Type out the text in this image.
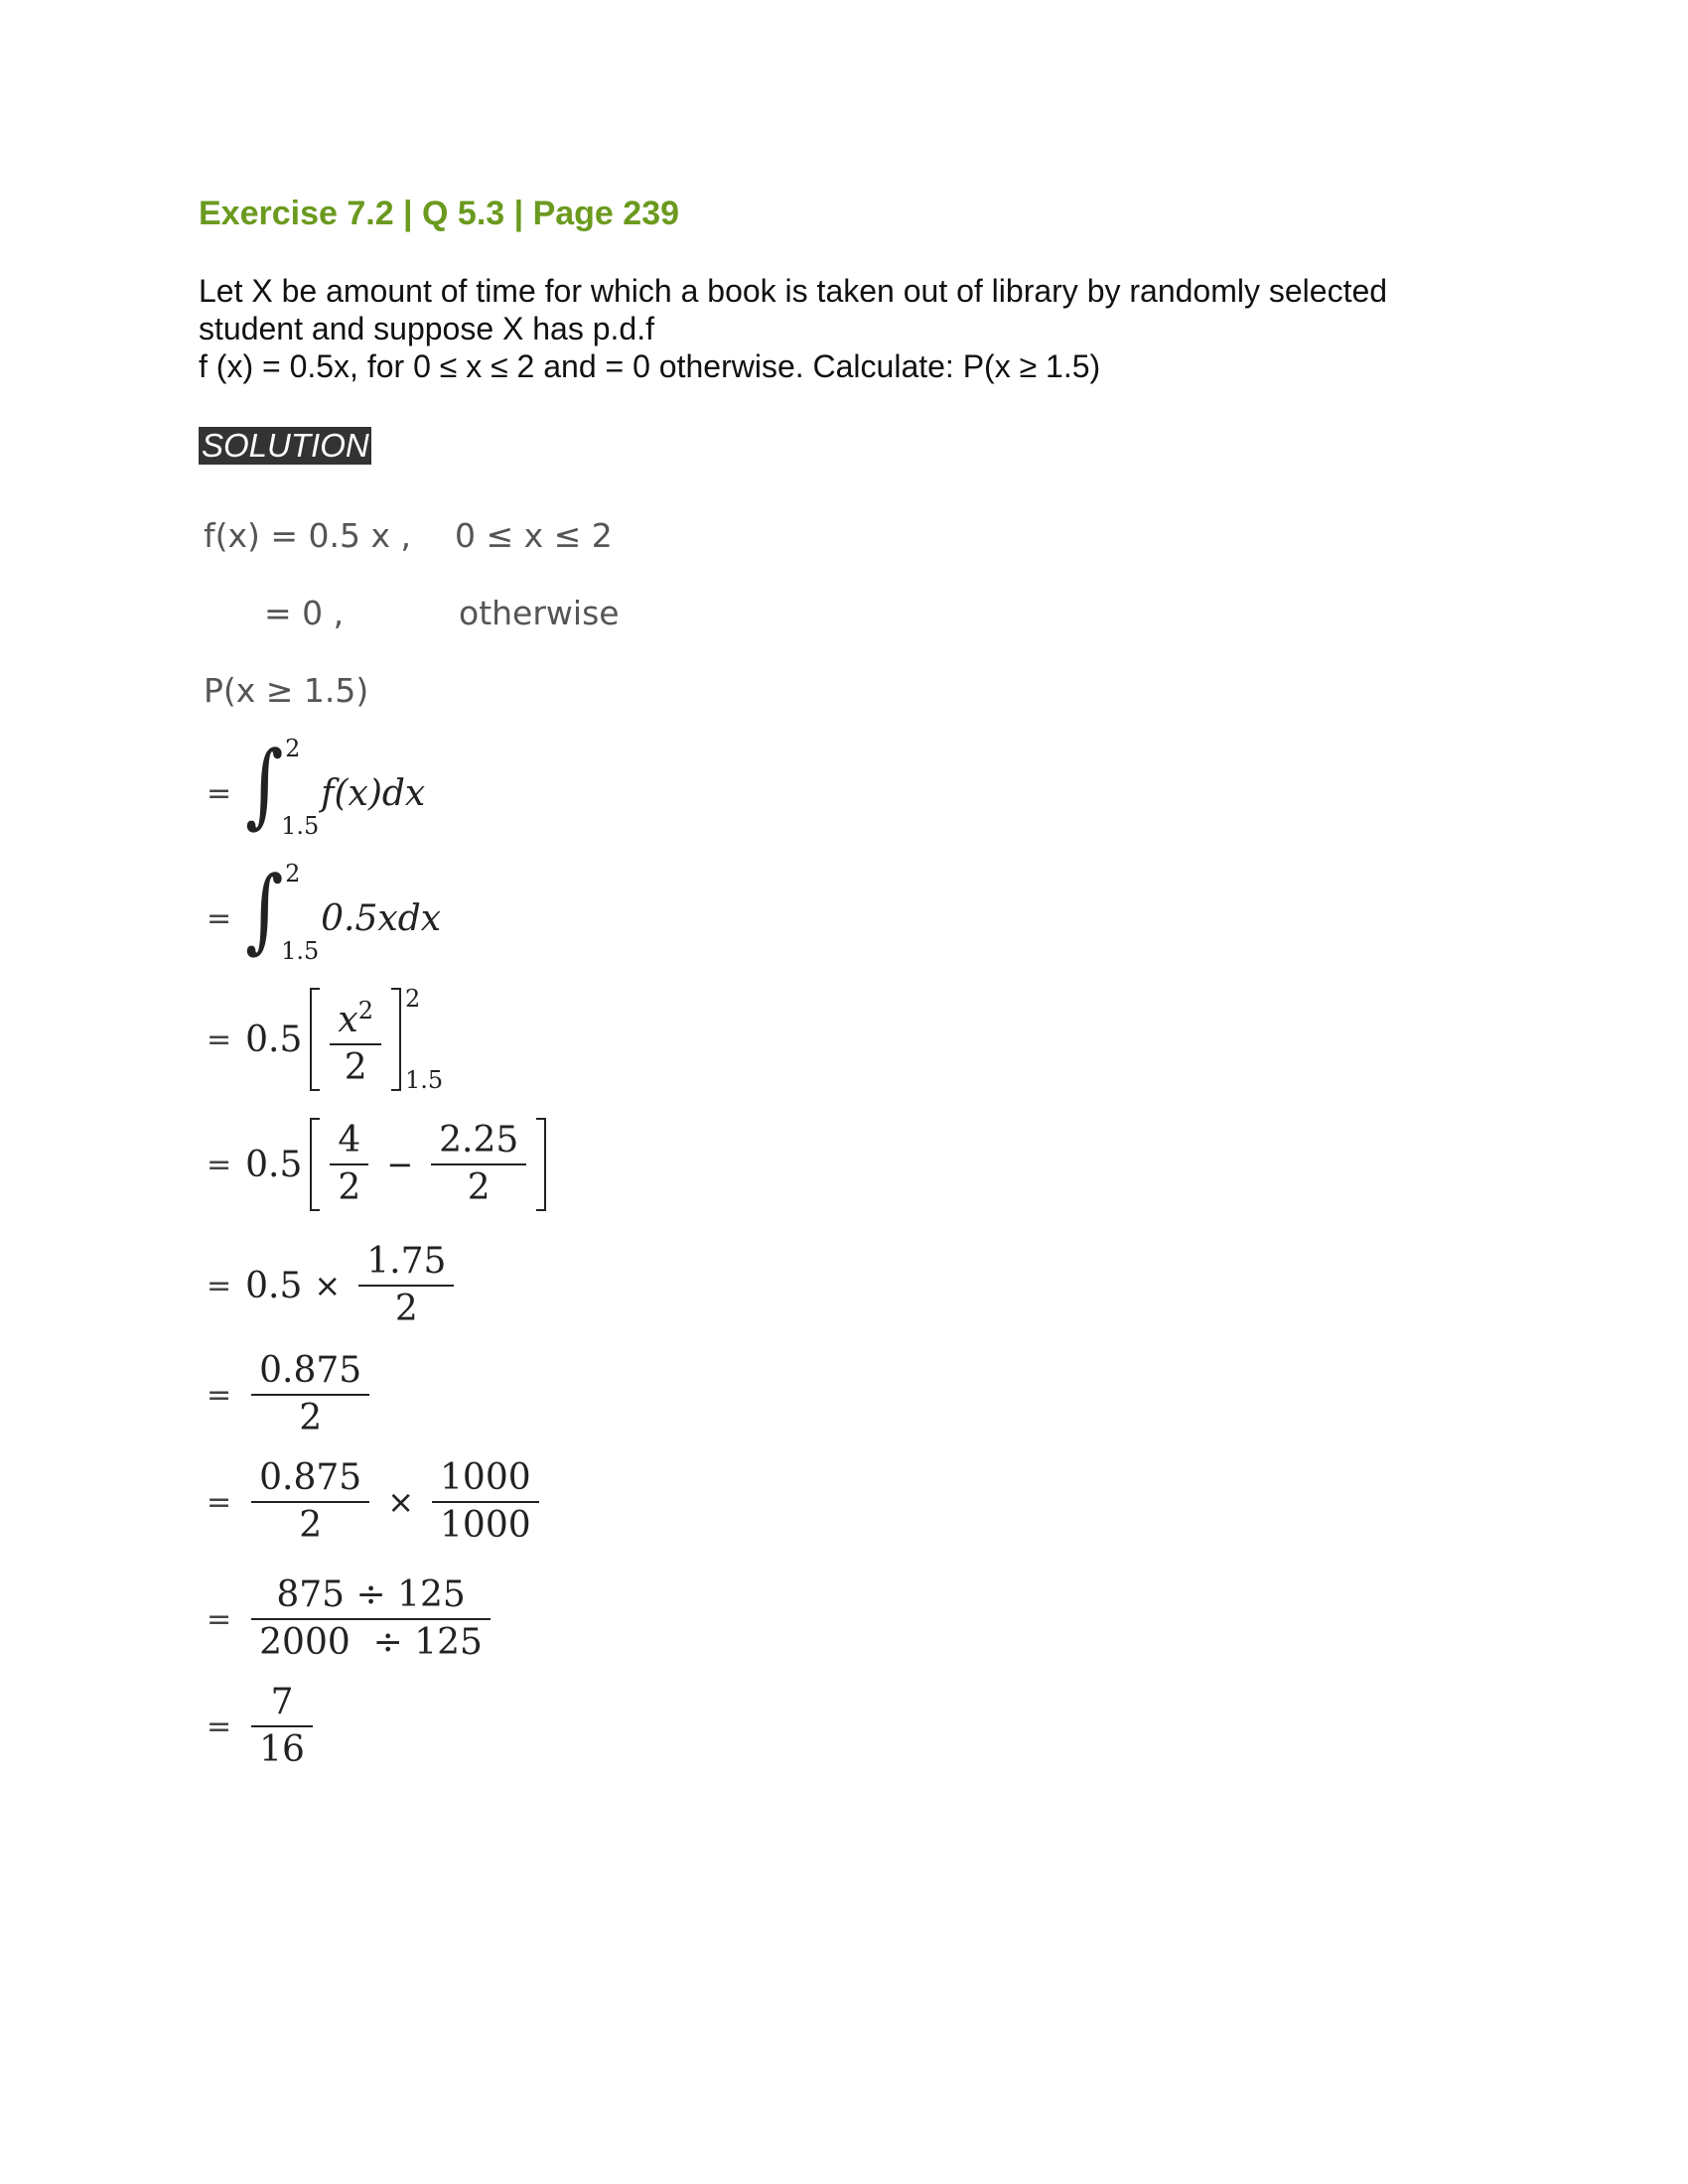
Exercise 7.2 | Q 5.3 | Page 239
Let X be amount of time for which a book is taken out of library by randomly selected
student and suppose X has p.d.f
f (x) = 0.5x, for 0 ≤ x ≤ 2 and = 0 otherwise. Calculate: P(x ≥ 1.5)
SOLUTION
f(x) = 0.5 x , 0 ≤ x ≤ 2
= 0 ,	otherwise
P(x ≥ 1.5)
= ∫ 2
1.5
f(x)dx
= ∫ 2
1.5
0.5xdx
= $0.5 \frac{x^2}{2} 2$
1.5
= $0.5 \frac{4}{2} - \frac{2.25}{2}$
= $0.5 \times \frac{1.75}{2}$
= $\frac{0.875}{2}$
= $\frac{0.875}{2} \times \frac{1000}{1000}$
= $\frac{875 \div 125}{2000 \div 125}$
= $\frac{7}{16}$
